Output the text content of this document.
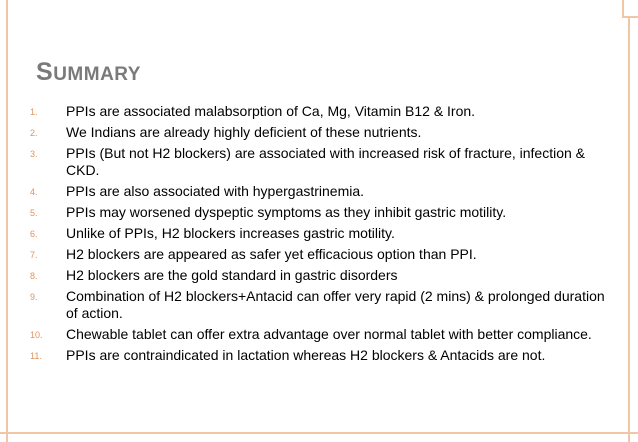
SUMMARY
1.	PPIs are associated malabsorption of Ca, Mg, Vitamin B12 & Iron.
2.	We Indians are already highly deficient of these nutrients.
3.	PPIs (But not H2 blockers) are associated with increased risk of fracture, infection & CKD.
4.	PPIs are also associated with hypergastrinemia.
5.	PPIs may worsened dyspeptic symptoms as they inhibit gastric motility.
6.	Unlike of PPIs, H2 blockers increases gastric motility.
7.	H2 blockers are appeared as safer yet efficacious option than PPI.
8.	H2 blockers are the gold standard in gastric disorders
9.	Combination of H2 blockers+Antacid can offer very rapid (2 mins) & prolonged duration of action.
10.	Chewable tablet can offer extra advantage over normal tablet with better compliance.
11.	PPIs are contraindicated in lactation whereas H2 blockers & Antacids are not.
